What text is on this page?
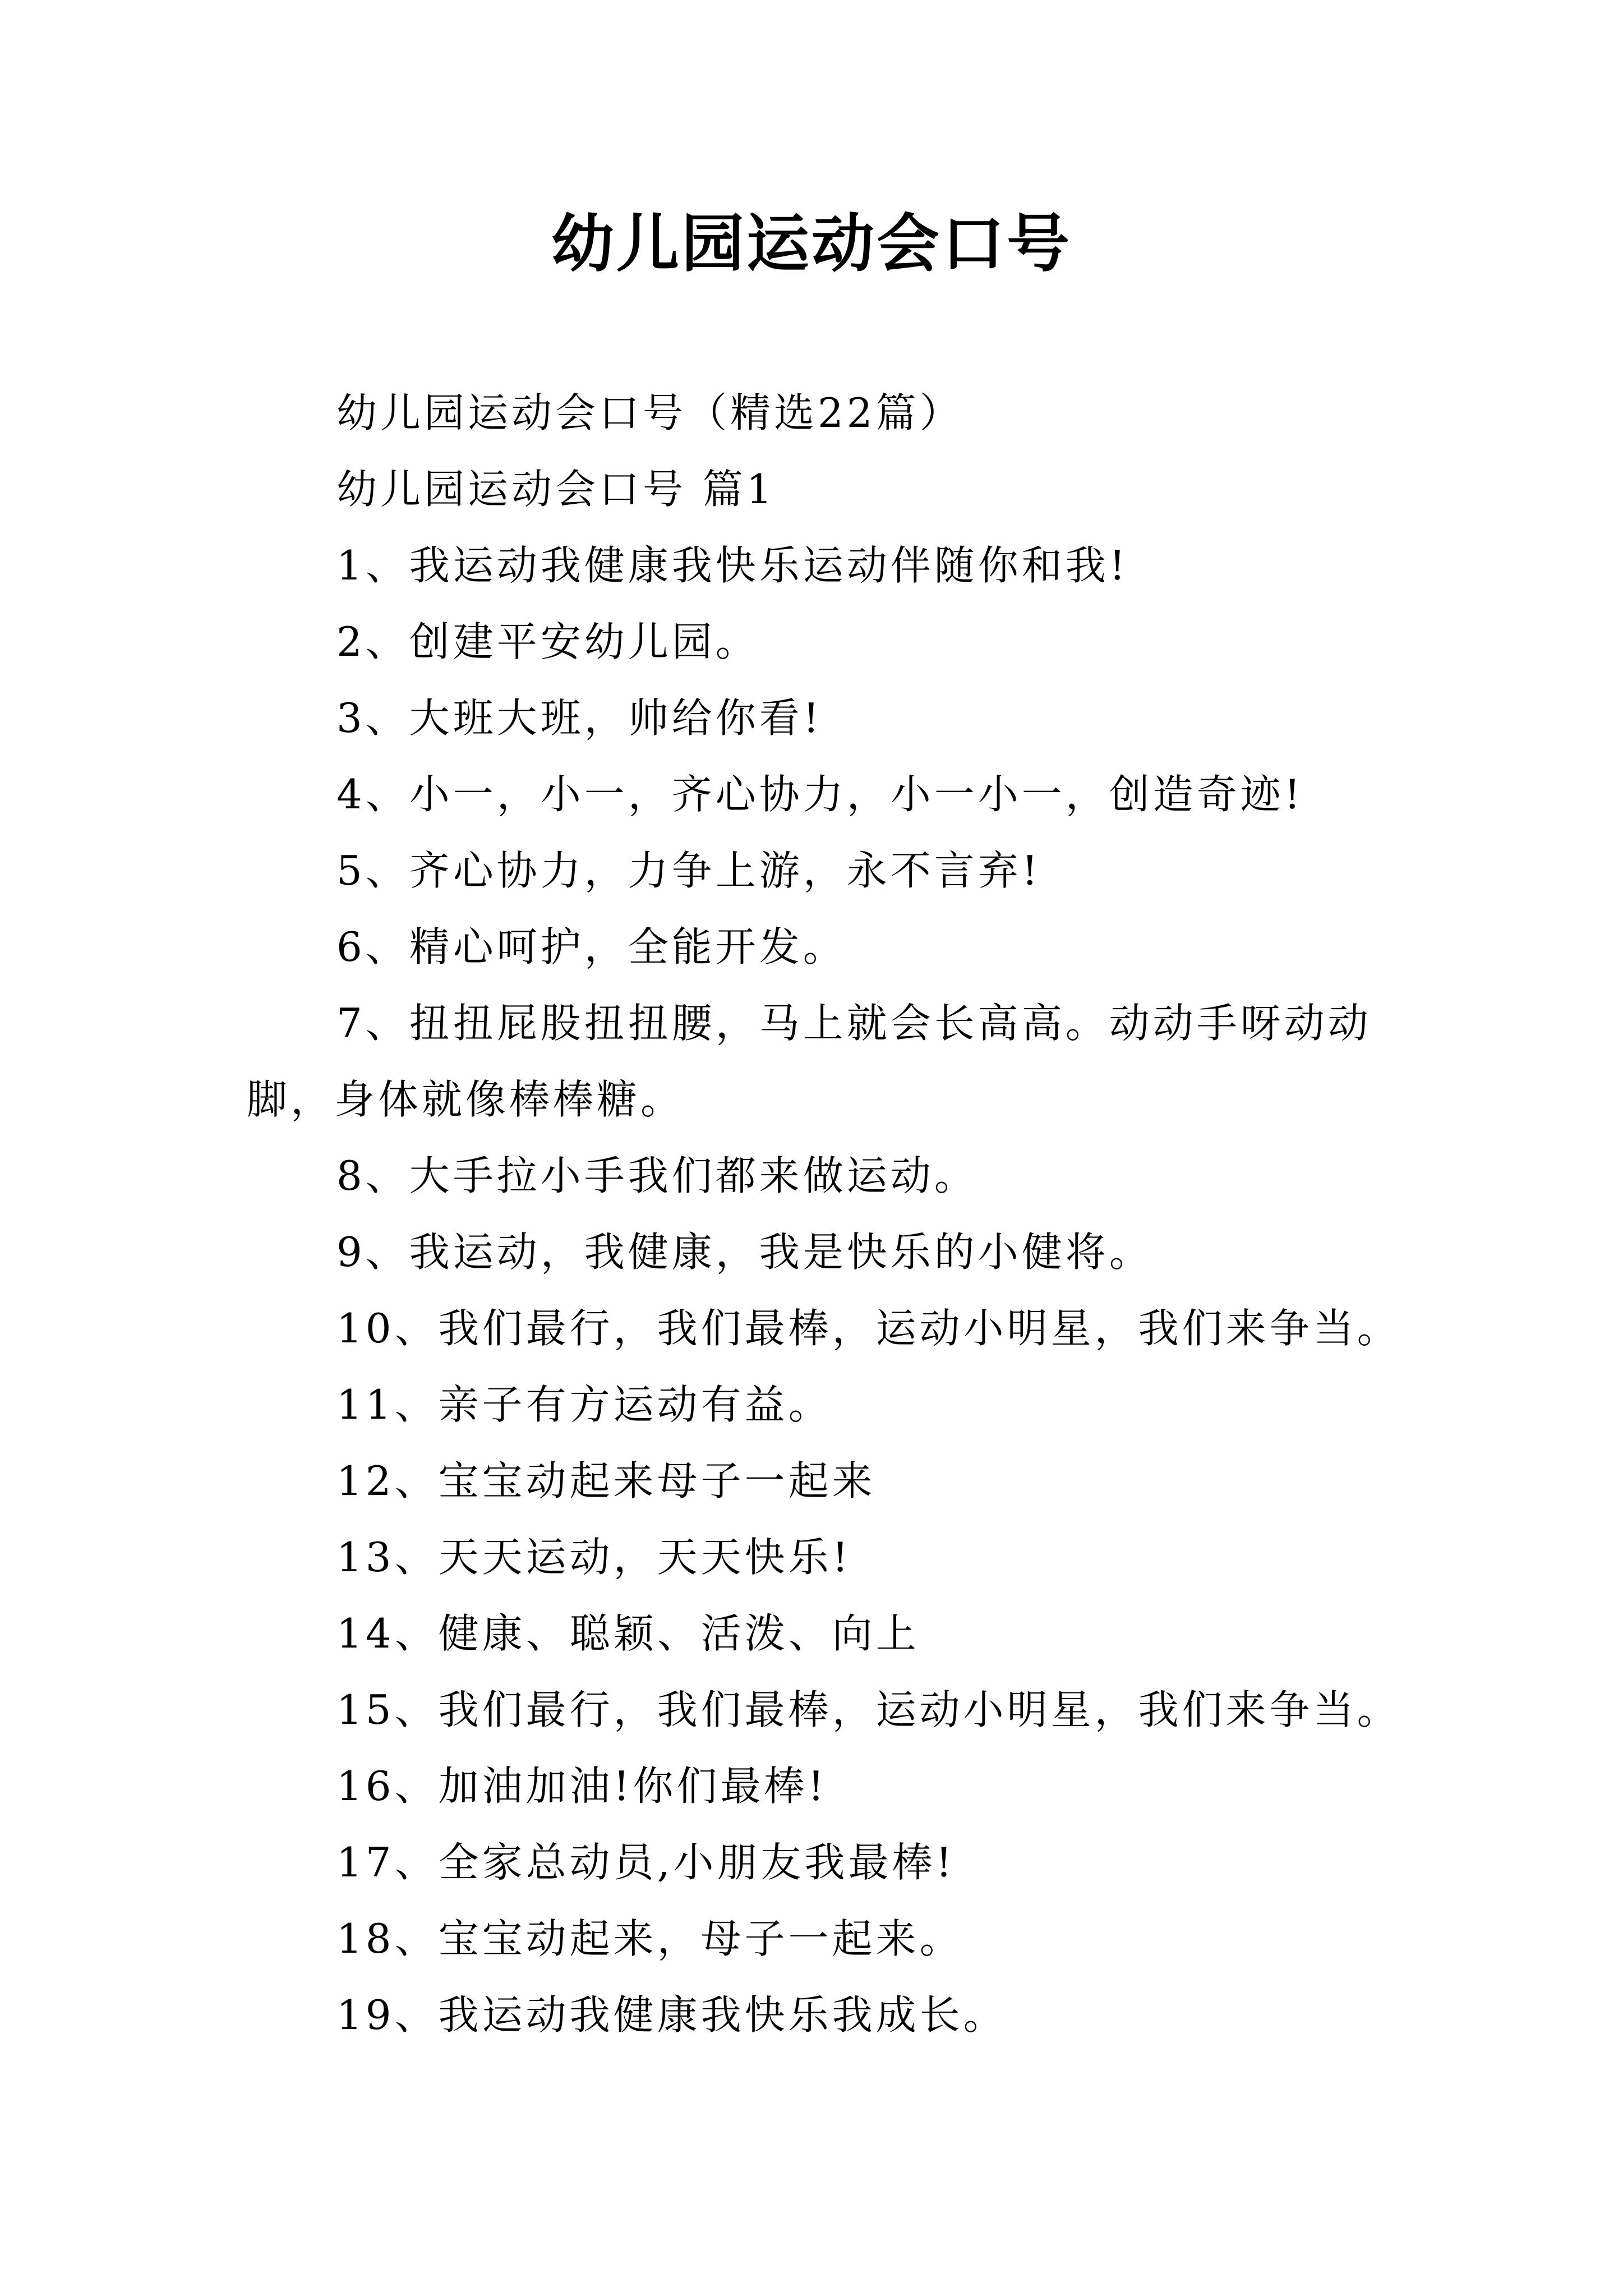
幼儿园运动会口号

幼儿园运动会口号（精选22篇）

幼儿园运动会口号 篇1

1、我运动我健康我快乐运动伴随你和我!

2、创建平安幼儿园。

3、大班大班，帅给你看!

4、小一，小一，齐心协力，小一小一，创造奇迹!

5、齐心协力，力争上游，永不言弃!

6、精心呵护，全能开发。

7、扭扭屁股扭扭腰，马上就会长高高。动动手呀动动脚，身体就像棒棒糖。

8、大手拉小手我们都来做运动。

9、我运动，我健康，我是快乐的小健将。

10、我们最行，我们最棒，运动小明星，我们来争当。

11、亲子有方运动有益。

12、宝宝动起来母子一起来

13、天天运动，天天快乐!

14、健康、聪颖、活泼、向上

15、我们最行，我们最棒，运动小明星，我们来争当。

16、加油加油!你们最棒!

17、全家总动员,小朋友我最棒!

18、宝宝动起来，母子一起来。

19、我运动我健康我快乐我成长。
